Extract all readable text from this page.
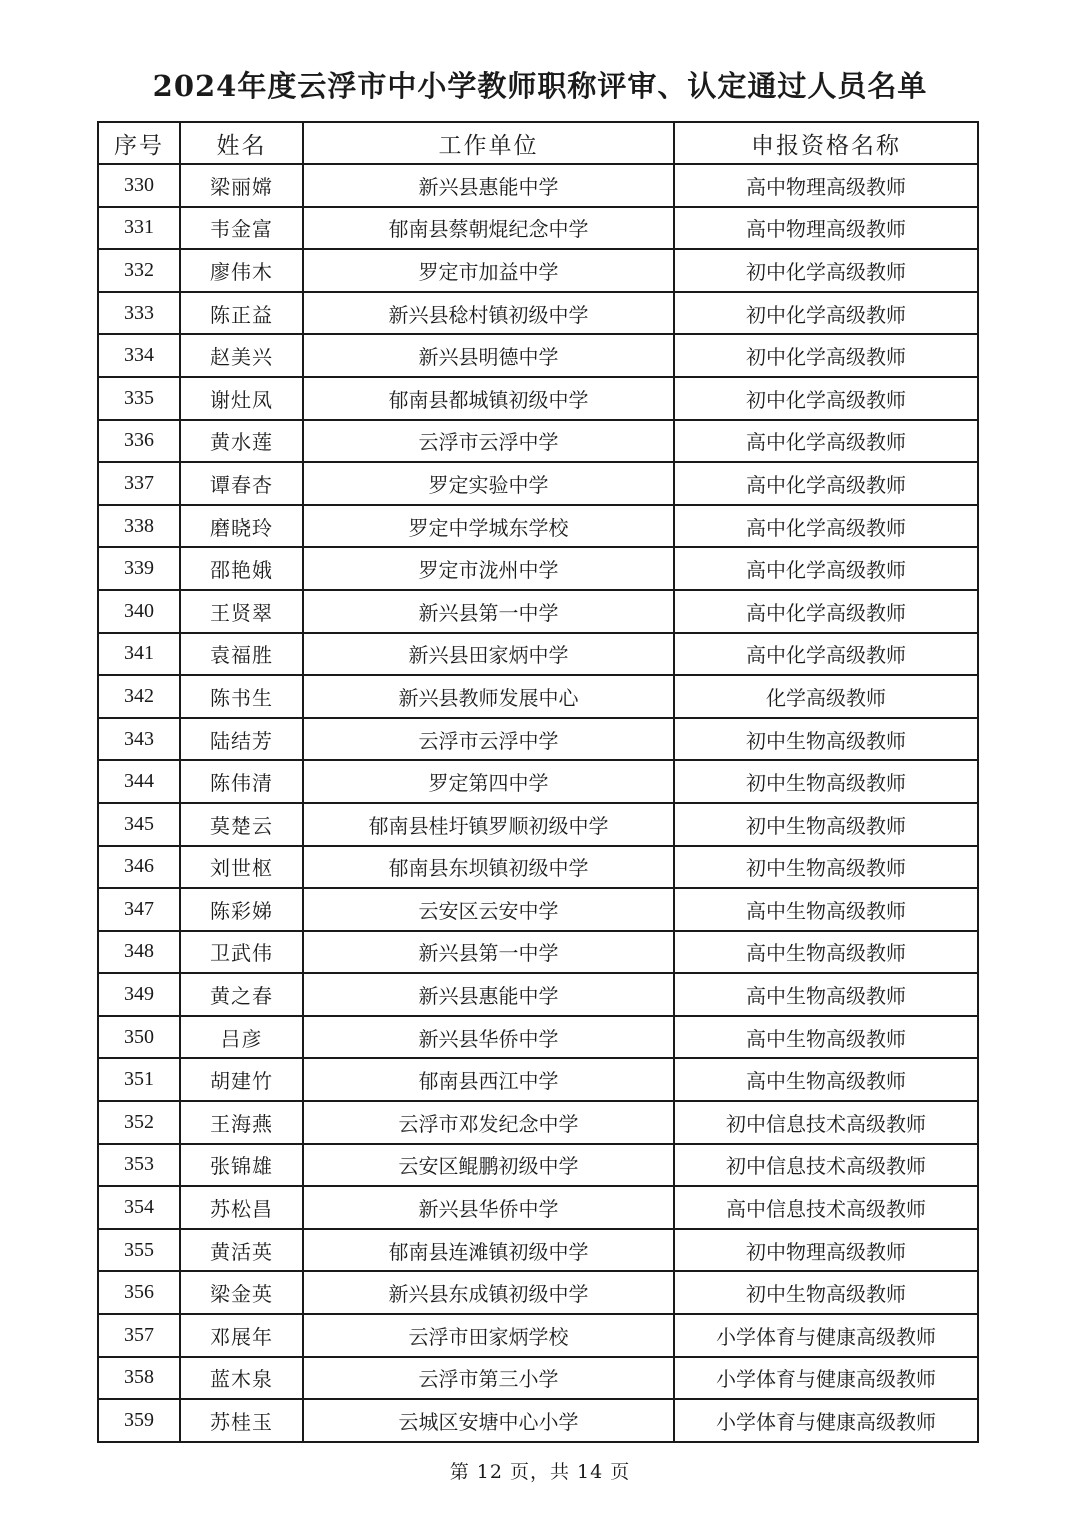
2024年度云浮市中小学教师职称评审、认定通过人员名单
序号	姓名	工作单位	申报资格名称
330	梁丽嫦	新兴县惠能中学	高中物理高级教师
331	韦金富	郁南县蔡朝焜纪念中学	高中物理高级教师
332	廖伟木	罗定市加益中学	初中化学高级教师
333	陈正益	新兴县稔村镇初级中学	初中化学高级教师
334	赵美兴	新兴县明德中学	初中化学高级教师
335	谢灶凤	郁南县都城镇初级中学	初中化学高级教师
336	黄水莲	云浮市云浮中学	高中化学高级教师
337	谭春杏	罗定实验中学	高中化学高级教师
338	磨晓玲	罗定中学城东学校	高中化学高级教师
339	邵艳娥	罗定市泷州中学	高中化学高级教师
340	王贤翠	新兴县第一中学	高中化学高级教师
341	袁福胜	新兴县田家炳中学	高中化学高级教师
342	陈书生	新兴县教师发展中心	化学高级教师
343	陆结芳	云浮市云浮中学	初中生物高级教师
344	陈伟清	罗定第四中学	初中生物高级教师
345	莫楚云	郁南县桂圩镇罗顺初级中学	初中生物高级教师
346	刘世枢	郁南县东坝镇初级中学	初中生物高级教师
347	陈彩娣	云安区云安中学	高中生物高级教师
348	卫武伟	新兴县第一中学	高中生物高级教师
349	黄之春	新兴县惠能中学	高中生物高级教师
350	吕彦	新兴县华侨中学	高中生物高级教师
351	胡建竹	郁南县西江中学	高中生物高级教师
352	王海燕	云浮市邓发纪念中学	初中信息技术高级教师
353	张锦雄	云安区鲲鹏初级中学	初中信息技术高级教师
354	苏松昌	新兴县华侨中学	高中信息技术高级教师
355	黄活英	郁南县连滩镇初级中学	初中物理高级教师
356	梁金英	新兴县东成镇初级中学	初中生物高级教师
357	邓展年	云浮市田家炳学校	小学体育与健康高级教师
358	蓝木泉	云浮市第三小学	小学体育与健康高级教师
359	苏桂玉	云城区安塘中心小学	小学体育与健康高级教师
第 12 页，共 14 页
